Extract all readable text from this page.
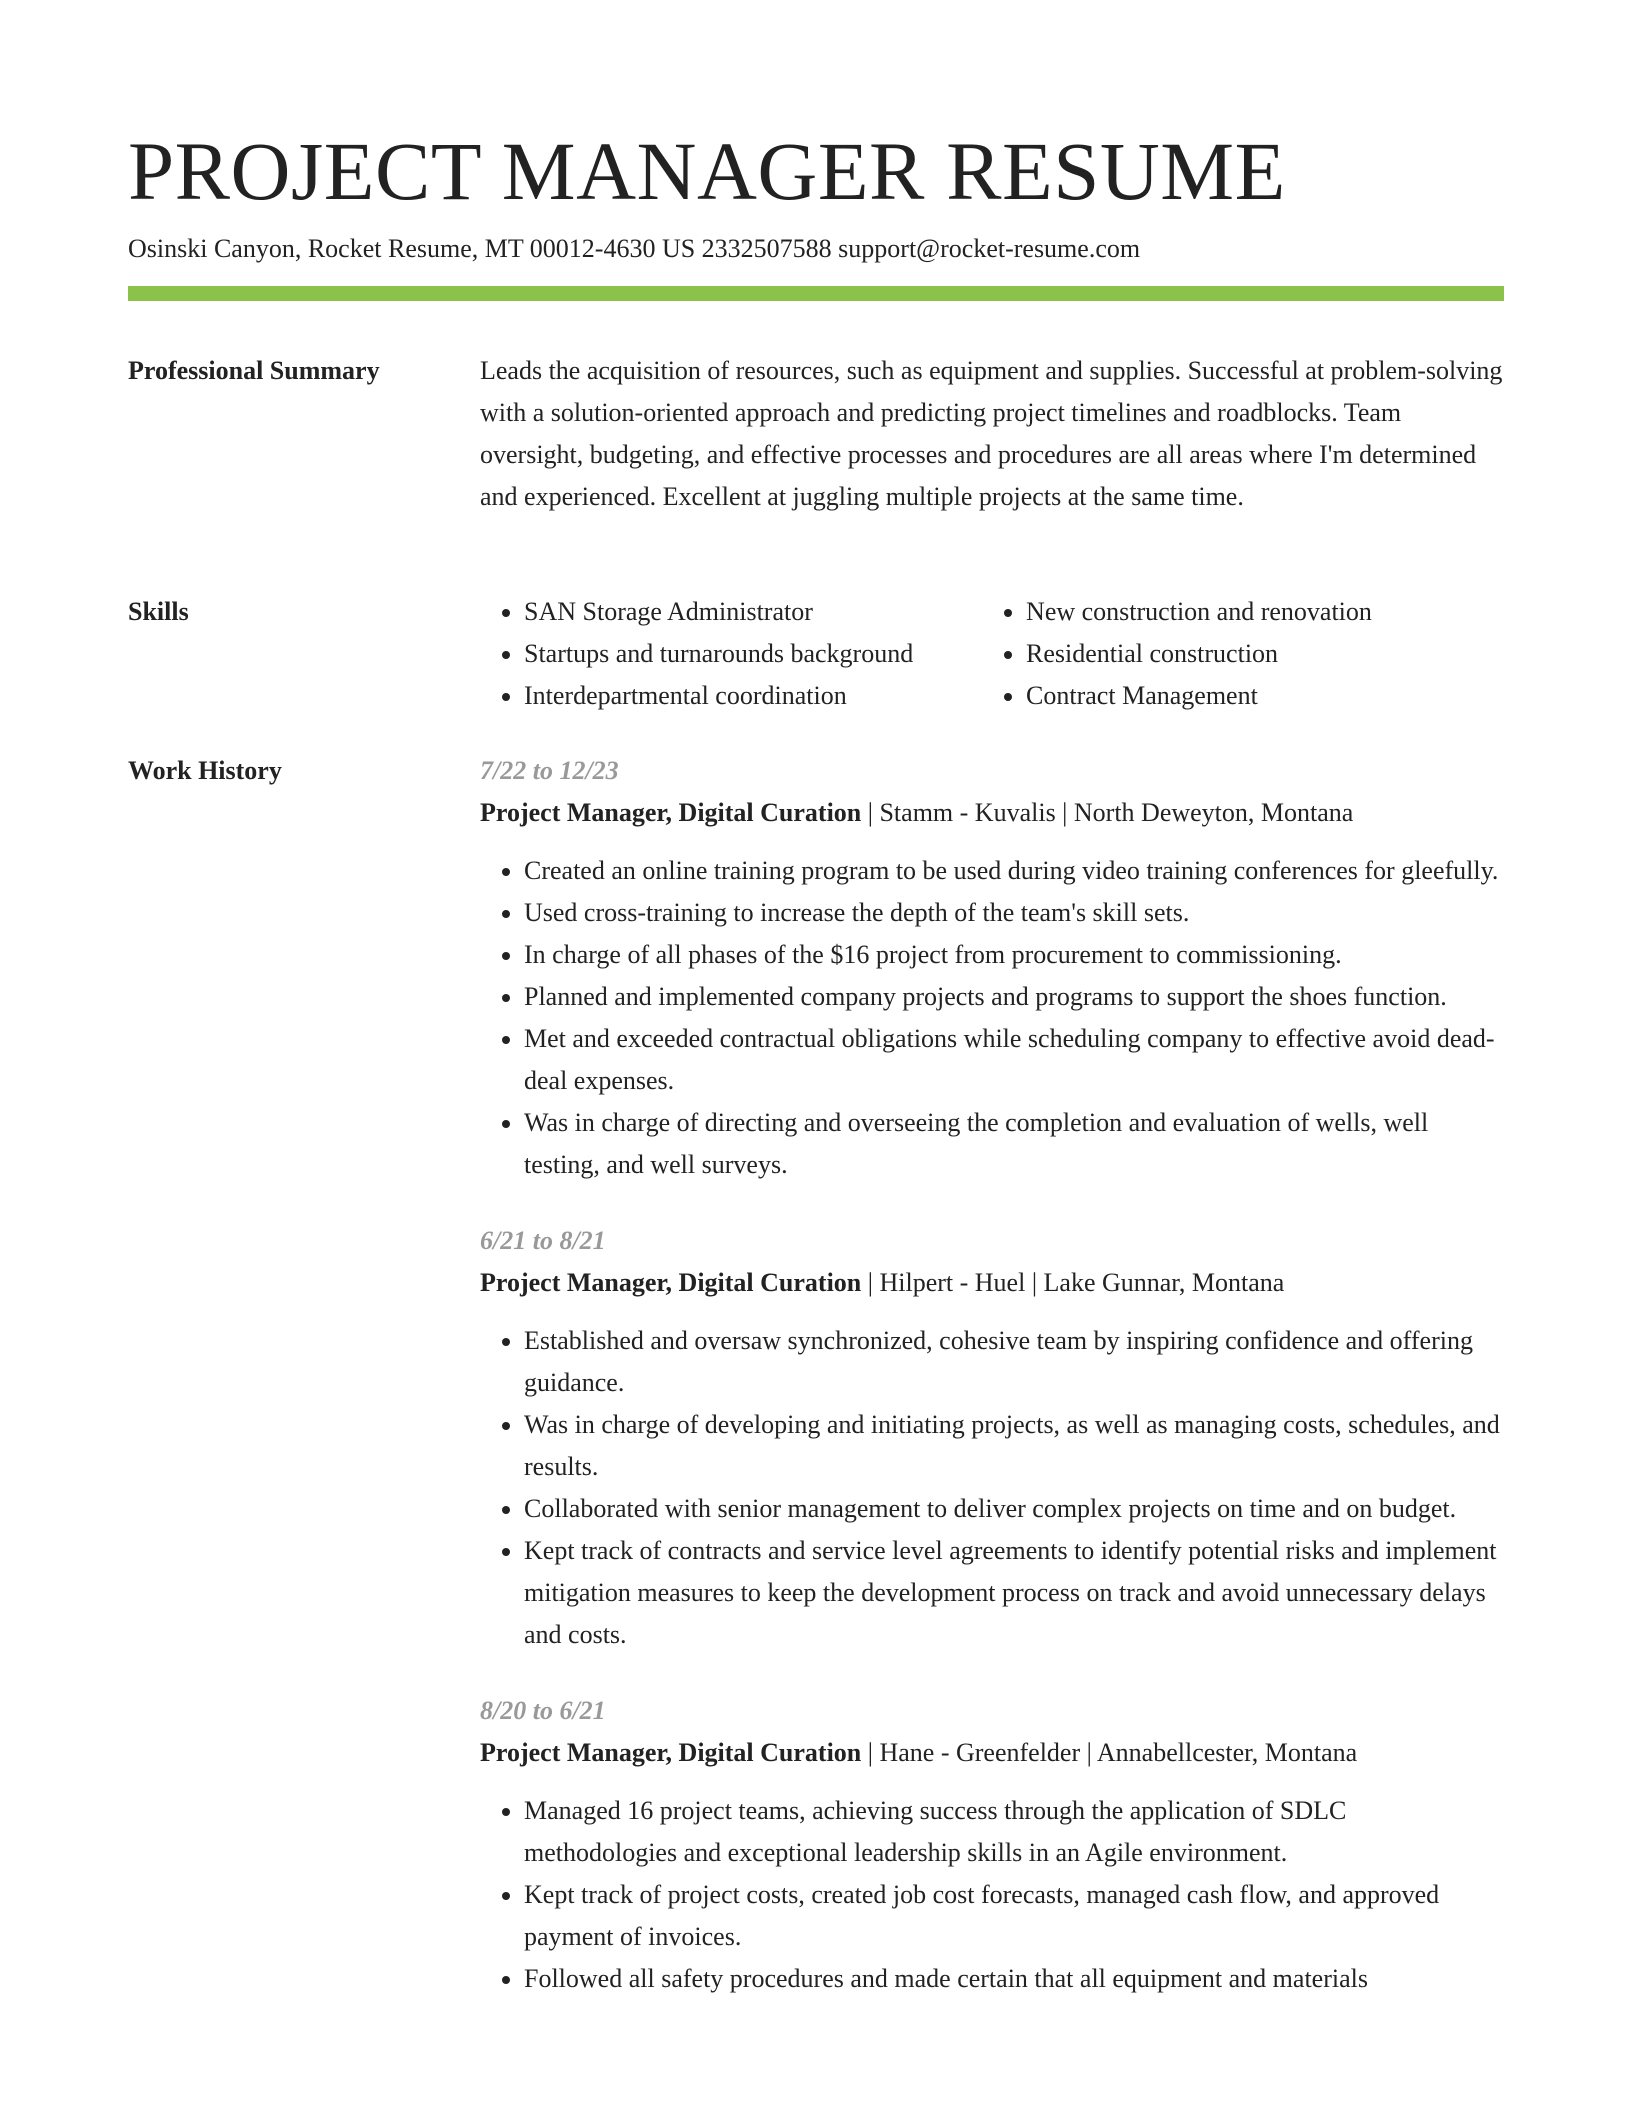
PROJECT MANAGER RESUME
Osinski Canyon, Rocket Resume, MT 00012-4630 US 2332507588 support@rocket-resume.com
Professional Summary	Leads the acquisition of resources, such as equipment and supplies. Successful at problem-solving with a solution-oriented approach and predicting project timelines and roadblocks. Team oversight, budgeting, and effective processes and procedures are all areas where I'm determined and experienced. Excellent at juggling multiple projects at the same time.

Skills
•	SAN Storage Administrator
• Startups and turnarounds background
• Interdepartmental coordination
• New construction and renovation
• Residential construction
• Contract Management
Work History	7/22 to 12/23
Project Manager, Digital Curation | Stamm - Kuvalis | North Deweyton, Montana
• Created an online training program to be used during video training conferences for gleefully.
• Used cross-training to increase the depth of the team's skill sets.
• In charge of all phases of the $16 project from procurement to commissioning.
• Planned and implemented company projects and programs to support the shoes function.
• Met and exceeded contractual obligations while scheduling company to effective avoid dead-deal expenses.
• Was in charge of directing and overseeing the completion and evaluation of wells, well testing, and well surveys.
6/21 to 8/21
Project Manager, Digital Curation | Hilpert - Huel | Lake Gunnar, Montana
• Established and oversaw synchronized, cohesive team by inspiring confidence and offering guidance.
• Was in charge of developing and initiating projects, as well as managing costs, schedules, and results.
• Collaborated with senior management to deliver complex projects on time and on budget.
• Kept track of contracts and service level agreements to identify potential risks and implement mitigation measures to keep the development process on track and avoid unnecessary delays and costs.
8/20 to 6/21
Project Manager, Digital Curation | Hane - Greenfelder | Annabellcester, Montana
• Managed 16 project teams, achieving success through the application of SDLC methodologies and exceptional leadership skills in an Agile environment.
• Kept track of project costs, created job cost forecasts, managed cash flow, and approved payment of invoices.
• Followed all safety procedures and made certain that all equipment and materials
